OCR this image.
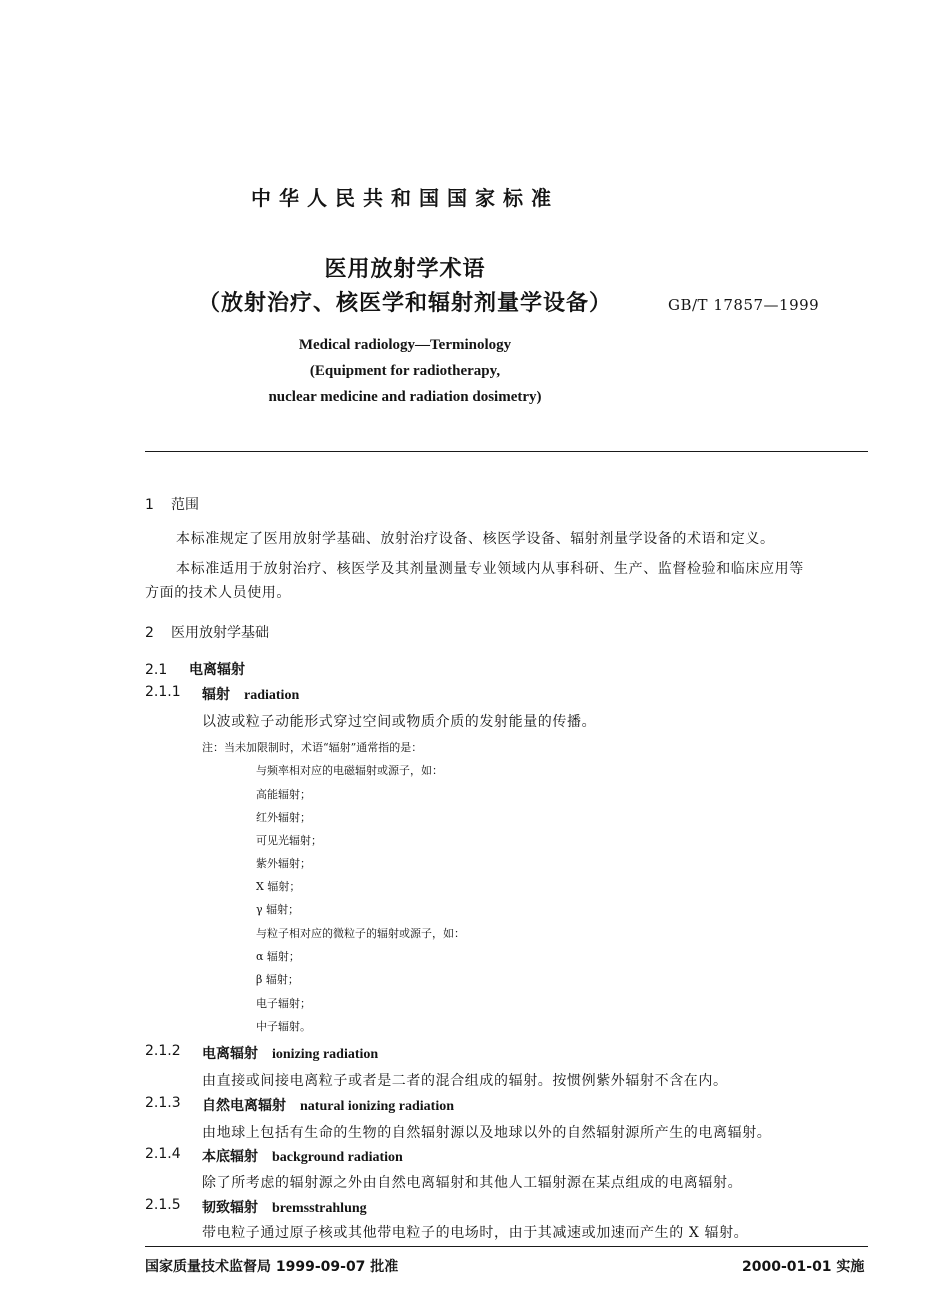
中华人民共和国国家标准
医用放射学术语
（放射治疗、核医学和辐射剂量学设备）	GB/T 17857—1999
Medical radiology—Terminology
(Equipment for radiotherapy,
nuclear medicine and radiation dosimetry)
1 范围
本标准规定了医用放射学基础、放射治疗设备、核医学设备、辐射剂量学设备的术语和定义。
本标准适用于放射治疗、核医学及其剂量测量专业领域内从事科研、生产、监督检验和临床应用等
方面的技术人员使用。
2 医用放射学基础
2.1 电离辐射
2.1.1 辐射 radiation
以波或粒子动能形式穿过空间或物质介质的发射能量的传播。
注：当未加限制时，术语“辐射”通常指的是：
与频率相对应的电磁辐射或源子，如：
高能辐射；
红外辐射；
可见光辐射；
紫外辐射；
X 辐射；
γ 辐射；
与粒子相对应的微粒子的辐射或源子，如：
α 辐射；
β 辐射；
电子辐射；
中子辐射。
2.1.2 电离辐射 ionizing radiation
由直接或间接电离粒子或者是二者的混合组成的辐射。按惯例紫外辐射不含在内。
2.1.3 自然电离辐射 natural ionizing radiation
由地球上包括有生命的生物的自然辐射源以及地球以外的自然辐射源所产生的电离辐射。
2.1.4 本底辐射 background radiation
除了所考虑的辐射源之外由自然电离辐射和其他人工辐射源在某点组成的电离辐射。
2.1.5 韧致辐射 bremsstrahlung
带电粒子通过原子核或其他带电粒子的电场时，由于其减速或加速而产生的 X 辐射。
国家质量技术监督局 1999-09-07 批准	2000-01-01 实施
